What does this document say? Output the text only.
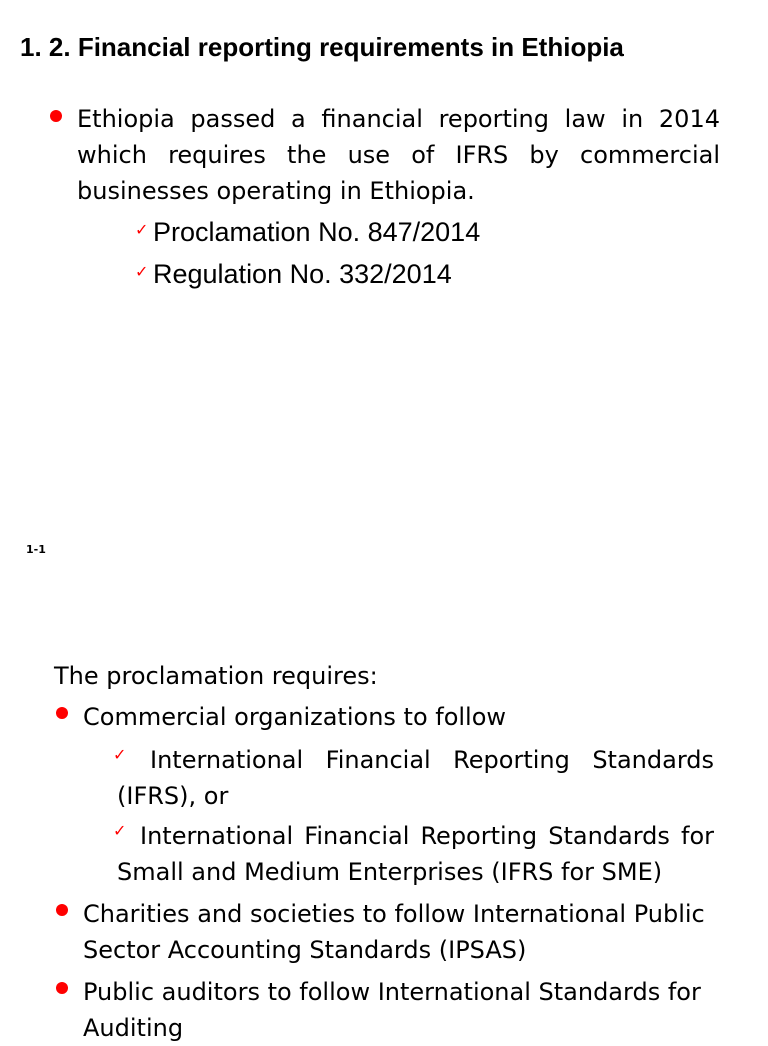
1. 2. Financial reporting requirements in Ethiopia

Ethiopia passed a financial reporting law in 2014 which requires the use of IFRS by commercial businesses operating in Ethiopia.

✓ Proclamation No. 847/2014
✓ Regulation No. 332/2014
1-1

The proclamation requires:

Commercial organizations to follow

✓ International Financial Reporting Standards (IFRS), or

✓ International Financial Reporting Standards for Small and Medium Enterprises (IFRS for SME)

Charities and societies to follow International Public Sector Accounting Standards (IPSAS)

Public auditors to follow International Standards for Auditing
